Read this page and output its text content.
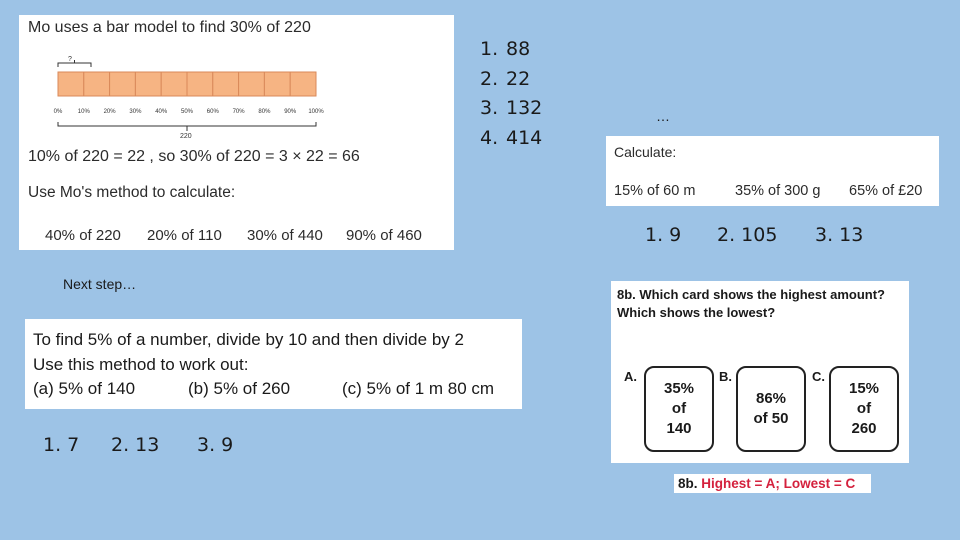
Mo uses a bar model to find 30% of 220
?
0%	10% 20% 30% 40% 50% 60% 70% 80% 90% 100%
220
10% of 220 = 22 , so 30% of 220 = 3 × 22 = 66
Use Mo's method to calculate:
40% of 220 20% of 110 30% of 440 90% of 460
1. 88
2. 22
3. 132
4. 414
…
Calculate:
15% of 60 m	35% of 300 g 65% of £20
1. 9 2. 105 3. 13
Next step…
To find 5% of a number, divide by 10 and then divide by 2
Use this method to work out:
(a) 5% of 140	(b) 5% of 260	(c) 5% of 1 m 80 cm
1. 7 2. 13 3. 9
8b. Which card shows the highest amount? Which shows the lowest?
A.
35%
of
140
B.
86%
of 50
C.
15%
of
260
8b. Highest = A; Lowest = C
